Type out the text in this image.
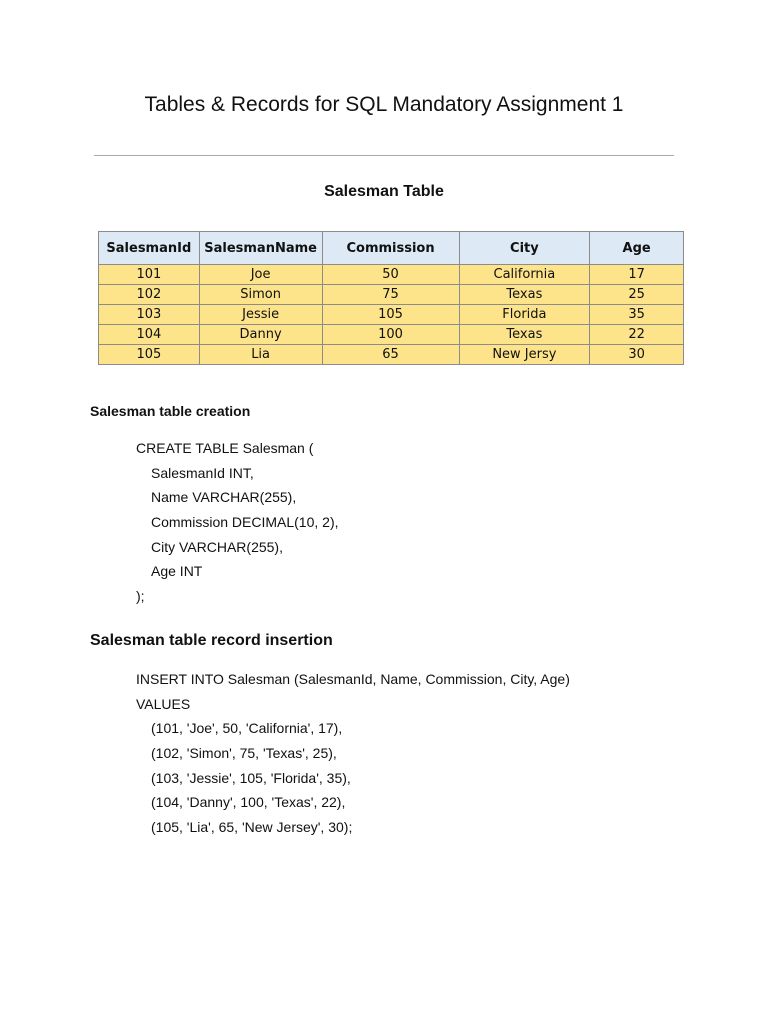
Tables & Records for SQL Mandatory Assignment 1
Salesman Table
SalesmanId	SalesmanName	Commission	City	Age
101	Joe	50	California	17
102	Simon	75	Texas	25
103	Jessie	105	Florida	35
104	Danny	100	Texas	22
105	Lia	65	New Jersy	30
Salesman table creation
CREATE TABLE Salesman (
SalesmanId INT,
Name VARCHAR(255),
Commission DECIMAL(10, 2),
City VARCHAR(255),
Age INT
);
Salesman table record insertion
INSERT INTO Salesman (SalesmanId, Name, Commission, City, Age)
VALUES
(101, 'Joe', 50, 'California', 17),
(102, 'Simon', 75, 'Texas', 25),
(103, 'Jessie', 105, 'Florida', 35),
(104, 'Danny', 100, 'Texas', 22),
(105, 'Lia', 65, 'New Jersey', 30);
